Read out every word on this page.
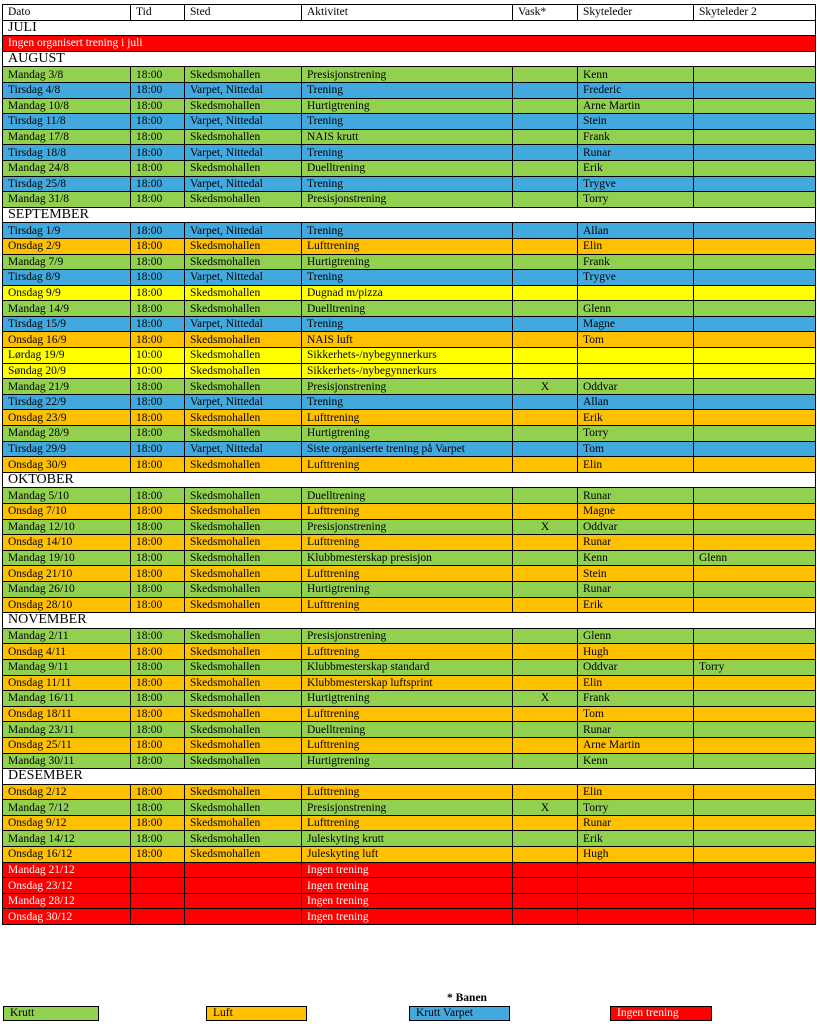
Dato	Tid	Sted	Aktivitet	Vask*	Skyteleder	Skyteleder 2
JULI						
Ingen organisert trening i juli						
AUGUST						
Mandag 3/8	18:00	Skedsmohallen	Presisjonstrening		Kenn	
Tirsdag 4/8	18:00	Varpet, Nittedal	Trening		Frederic	
Mandag 10/8	18:00	Skedsmohallen	Hurtigtrening		Arne Martin	
Tirsdag 11/8	18:00	Varpet, Nittedal	Trening		Stein	
Mandag 17/8	18:00	Skedsmohallen	NAIS krutt		Frank	
Tirsdag 18/8	18:00	Varpet, Nittedal	Trening		Runar	
Mandag 24/8	18:00	Skedsmohallen	Duelltrening		Erik	
Tirsdag 25/8	18:00	Varpet, Nittedal	Trening		Trygve	
Mandag 31/8	18:00	Skedsmohallen	Presisjonstrening		Torry	
SEPTEMBER						
Tirsdag 1/9	18:00	Varpet, Nittedal	Trening		Allan	
Onsdag 2/9	18:00	Skedsmohallen	Lufttrening		Elin	
Mandag 7/9	18:00	Skedsmohallen	Hurtigtrening		Frank	
Tirsdag 8/9	18:00	Varpet, Nittedal	Trening		Trygve	
Onsdag 9/9	18:00	Skedsmohallen	Dugnad m/pizza			
Mandag 14/9	18:00	Skedsmohallen	Duelltrening		Glenn	
Tirsdag 15/9	18:00	Varpet, Nittedal	Trening		Magne	
Onsdag 16/9	18:00	Skedsmohallen	NAIS luft		Tom	
Lørdag 19/9	10:00	Skedsmohallen	Sikkerhets-/nybegynnerkurs			
Søndag 20/9	10:00	Skedsmohallen	Sikkerhets-/nybegynnerkurs			
Mandag 21/9	18:00	Skedsmohallen	Presisjonstrening	X	Oddvar	
Tirsdag 22/9	18:00	Varpet, Nittedal	Trening		Allan	
Onsdag 23/9	18:00	Skedsmohallen	Lufttrening		Erik	
Mandag 28/9	18:00	Skedsmohallen	Hurtigtrening		Torry	
Tirsdag 29/9	18:00	Varpet, Nittedal	Siste organiserte trening på Varpet		Tom	
Onsdag 30/9	18:00	Skedsmohallen	Lufttrening		Elin	
OKTOBER						
Mandag 5/10	18:00	Skedsmohallen	Duelltrening		Runar	
Onsdag 7/10	18:00	Skedsmohallen	Lufttrening		Magne	
Mandag 12/10	18:00	Skedsmohallen	Presisjonstrening	X	Oddvar	
Onsdag 14/10	18:00	Skedsmohallen	Lufttrening		Runar	
Mandag 19/10	18:00	Skedsmohallen	Klubbmesterskap presisjon		Kenn	Glenn
Onsdag 21/10	18:00	Skedsmohallen	Lufttrening		Stein	
Mandag 26/10	18:00	Skedsmohallen	Hurtigtrening		Runar	
Onsdag 28/10	18:00	Skedsmohallen	Lufttrening		Erik	
NOVEMBER						
Mandag 2/11	18:00	Skedsmohallen	Presisjonstrening		Glenn	
Onsdag 4/11	18:00	Skedsmohallen	Lufttrening		Hugh	
Mandag 9/11	18:00	Skedsmohallen	Klubbmesterskap standard		Oddvar	Torry
Onsdag 11/11	18:00	Skedsmohallen	Klubbmesterskap luftsprint		Elin	
Mandag 16/11	18:00	Skedsmohallen	Hurtigtrening	X	Frank	
Onsdag 18/11	18:00	Skedsmohallen	Lufttrening		Tom	
Mandag 23/11	18:00	Skedsmohallen	Duelltrening		Runar	
Onsdag 25/11	18:00	Skedsmohallen	Lufttrening		Arne Martin	
Mandag 30/11	18:00	Skedsmohallen	Hurtigtrening		Kenn	
DESEMBER						
Onsdag 2/12	18:00	Skedsmohallen	Lufttrening		Elin	
Mandag 7/12	18:00	Skedsmohallen	Presisjonstrening	X	Torry	
Onsdag 9/12	18:00	Skedsmohallen	Lufttrening		Runar	
Mandag 14/12	18:00	Skedsmohallen	Juleskyting krutt		Erik	
Onsdag 16/12	18:00	Skedsmohallen	Juleskyting luft		Hugh	
Mandag 21/12			Ingen trening			
Onsdag 23/12			Ingen trening			
Mandag 28/12			Ingen trening			
Onsdag 30/12			Ingen trening			
* Banen
Krutt	Luft	Krutt Varpet	Ingen trening
